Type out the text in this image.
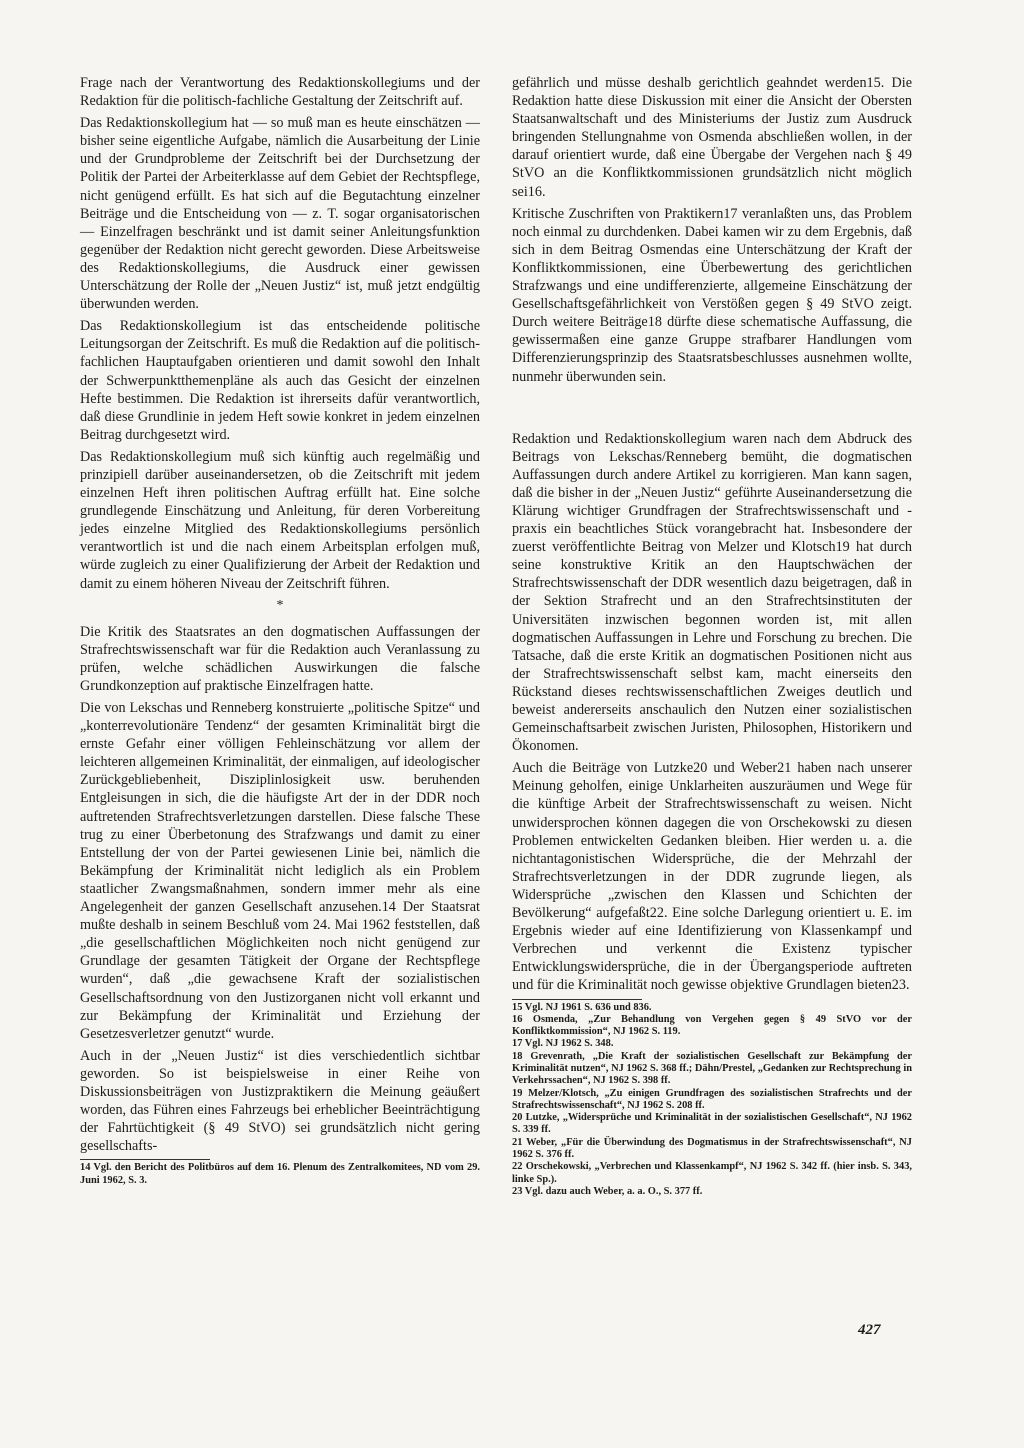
Frage nach der Verantwortung des Redaktionskollegiums und der Redaktion für die politisch-fachliche Gestaltung der Zeitschrift auf.

Das Redaktionskollegium hat — so muß man es heute einschätzen — bisher seine eigentliche Aufgabe, nämlich die Ausarbeitung der Linie und der Grundprobleme der Zeitschrift bei der Durchsetzung der Politik der Partei der Arbeiterklasse auf dem Gebiet der Rechtspflege, nicht genügend erfüllt. Es hat sich auf die Begutachtung einzelner Beiträge und die Entscheidung von — z. T. sogar organisatorischen — Einzelfragen beschränkt und ist damit seiner Anleitungsfunktion gegenüber der Redaktion nicht gerecht geworden. Diese Arbeitsweise des Redaktionskollegiums, die Ausdruck einer gewissen Unterschätzung der Rolle der „Neuen Justiz“ ist, muß jetzt endgültig überwunden werden.

Das Redaktionskollegium ist das entscheidende politische Leitungsorgan der Zeitschrift. Es muß die Redaktion auf die politisch-fachlichen Hauptaufgaben orientieren und damit sowohl den Inhalt der Schwerpunktthemenpläne als auch das Gesicht der einzelnen Hefte bestimmen. Die Redaktion ist ihrerseits dafür verantwortlich, daß diese Grundlinie in jedem Heft sowie konkret in jedem einzelnen Beitrag durchgesetzt wird.

Das Redaktionskollegium muß sich künftig auch regelmäßig und prinzipiell darüber auseinandersetzen, ob die Zeitschrift mit jedem einzelnen Heft ihren politischen Auftrag erfüllt hat. Eine solche grundlegende Einschätzung und Anleitung, für deren Vorbereitung jedes einzelne Mitglied des Redaktionskollegiums persönlich verantwortlich ist und die nach einem Arbeitsplan erfolgen muß, würde zugleich zu einer Qualifizierung der Arbeit der Redaktion und damit zu einem höheren Niveau der Zeitschrift führen.

*

Die Kritik des Staatsrates an den dogmatischen Auffassungen der Strafrechtswissenschaft war für die Redaktion auch Veranlassung zu prüfen, welche schädlichen Auswirkungen die falsche Grundkonzeption auf praktische Einzelfragen hatte.

Die von Lekschas und Renneberg konstruierte „politische Spitze“ und „konterrevolutionäre Tendenz“ der gesamten Kriminalität birgt die ernste Gefahr einer völligen Fehleinschätzung vor allem der leichteren allgemeinen Kriminalität, der einmaligen, auf ideologischer Zurückgebliebenheit, Disziplinlosigkeit usw. beruhenden Entgleisungen in sich, die die häufigste Art der in der DDR noch auftretenden Strafrechtsverletzungen darstellen. Diese falsche These trug zu einer Überbetonung des Strafzwangs und damit zu einer Entstellung der von der Partei gewiesenen Linie bei, nämlich die Bekämpfung der Kriminalität nicht lediglich als ein Problem staatlicher Zwangsmaßnahmen, sondern immer mehr als eine Angelegenheit der ganzen Gesellschaft anzusehen.14 Der Staatsrat mußte deshalb in seinem Beschluß vom 24. Mai 1962 feststellen, daß „die gesellschaftlichen Möglichkeiten noch nicht genügend zur Grundlage der gesamten Tätigkeit der Organe der Rechtspflege wurden“, daß „die gewachsene Kraft der sozialistischen Gesellschaftsordnung von den Justizorganen nicht voll erkannt und zur Bekämpfung der Kriminalität und Erziehung der Gesetzesverletzer genutzt“ wurde.

Auch in der „Neuen Justiz“ ist dies verschiedentlich sichtbar geworden. So ist beispielsweise in einer Reihe von Diskussionsbeiträgen von Justizpraktikern die Meinung geäußert worden, das Führen eines Fahrzeugs bei erheblicher Beeinträchtigung der Fahrtüchtigkeit (§ 49 StVO) sei grundsätzlich nicht gering gesellschafts-

14 Vgl. den Bericht des Politbüros auf dem 16. Plenum des Zentralkomitees, ND vom 29. Juni 1962, S. 3.

gefährlich und müsse deshalb gerichtlich geahndet werden15. Die Redaktion hatte diese Diskussion mit einer die Ansicht der Obersten Staatsanwaltschaft und des Ministeriums der Justiz zum Ausdruck bringenden Stellungnahme von Osmenda abschließen wollen, in der darauf orientiert wurde, daß eine Übergabe der Vergehen nach § 49 StVO an die Konfliktkommissionen grundsätzlich nicht möglich sei16.

Kritische Zuschriften von Praktikern17 veranlaßten uns, das Problem noch einmal zu durchdenken. Dabei kamen wir zu dem Ergebnis, daß sich in dem Beitrag Osmendas eine Unterschätzung der Kraft der Konfliktkommissionen, eine Überbewertung des gerichtlichen Strafzwangs und eine undifferenzierte, allgemeine Einschätzung der Gesellschaftsgefährlichkeit von Verstößen gegen § 49 StVO zeigt. Durch weitere Beiträge18 dürfte diese schematische Auffassung, die gewissermaßen eine ganze Gruppe strafbarer Handlungen vom Differenzierungsprinzip des Staatsratsbeschlusses ausnehmen wollte, nunmehr überwunden sein.

Redaktion und Redaktionskollegium waren nach dem Abdruck des Beitrags von Lekschas/Renneberg bemüht, die dogmatischen Auffassungen durch andere Artikel zu korrigieren. Man kann sagen, daß die bisher in der „Neuen Justiz“ geführte Auseinandersetzung die Klärung wichtiger Grundfragen der Strafrechtswissenschaft und -praxis ein beachtliches Stück vorangebracht hat. Insbesondere der zuerst veröffentlichte Beitrag von Melzer und Klotsch19 hat durch seine konstruktive Kritik an den Hauptschwächen der Strafrechtswissenschaft der DDR wesentlich dazu beigetragen, daß in der Sektion Strafrecht und an den Strafrechtsinstituten der Universitäten inzwischen begonnen worden ist, mit allen dogmatischen Auffassungen in Lehre und Forschung zu brechen. Die Tatsache, daß die erste Kritik an dogmatischen Positionen nicht aus der Strafrechtswissenschaft selbst kam, macht einerseits den Rückstand dieses rechtswissenschaftlichen Zweiges deutlich und beweist andererseits anschaulich den Nutzen einer sozialistischen Gemeinschaftsarbeit zwischen Juristen, Philosophen, Historikern und Ökonomen.

Auch die Beiträge von Lutzke20 und Weber21 haben nach unserer Meinung geholfen, einige Unklarheiten auszuräumen und Wege für die künftige Arbeit der Strafrechtswissenschaft zu weisen. Nicht unwidersprochen können dagegen die von Orschekowski zu diesen Problemen entwickelten Gedanken bleiben. Hier werden u. a. die nichtantagonistischen Widersprüche, die der Mehrzahl der Strafrechtsverletzungen in der DDR zugrunde liegen, als Widersprüche „zwischen den Klassen und Schichten der Bevölkerung“ aufgefaßt22. Eine solche Darlegung orientiert u. E. im Ergebnis wieder auf eine Identifizierung von Klassenkampf und Verbrechen und verkennt die Existenz typischer Entwicklungswidersprüche, die in der Übergangsperiode auftreten und für die Kriminalität noch gewisse objektive Grundlagen bieten23.

15 Vgl. NJ 1961 S. 636 und 836.

16 Osmenda, „Zur Behandlung von Vergehen gegen § 49 StVO vor der Konfliktkommission“, NJ 1962 S. 119.

17 Vgl. NJ 1962 S. 348.

18 Grevenrath, „Die Kraft der sozialistischen Gesellschaft zur Bekämpfung der Kriminalität nutzen“, NJ 1962 S. 368 ff.; Dähn/Prestel, „Gedanken zur Rechtsprechung in Verkehrssachen“, NJ 1962 S. 398 ff.

19 Melzer/Klotsch, „Zu einigen Grundfragen des sozialistischen Strafrechts und der Strafrechtswissenschaft“, NJ 1962 S. 208 ff.

20 Lutzke, „Widersprüche und Kriminalität in der sozialistischen Gesellschaft“, NJ 1962 S. 339 ff.

21 Weber, „Für die Überwindung des Dogmatismus in der Strafrechtswissenschaft“, NJ 1962 S. 376 ff.

22 Orschekowski, „Verbrechen und Klassenkampf“, NJ 1962 S. 342 ff. (hier insb. S. 343, linke Sp.).

23 Vgl. dazu auch Weber, a. a. O., S. 377 ff.

427
